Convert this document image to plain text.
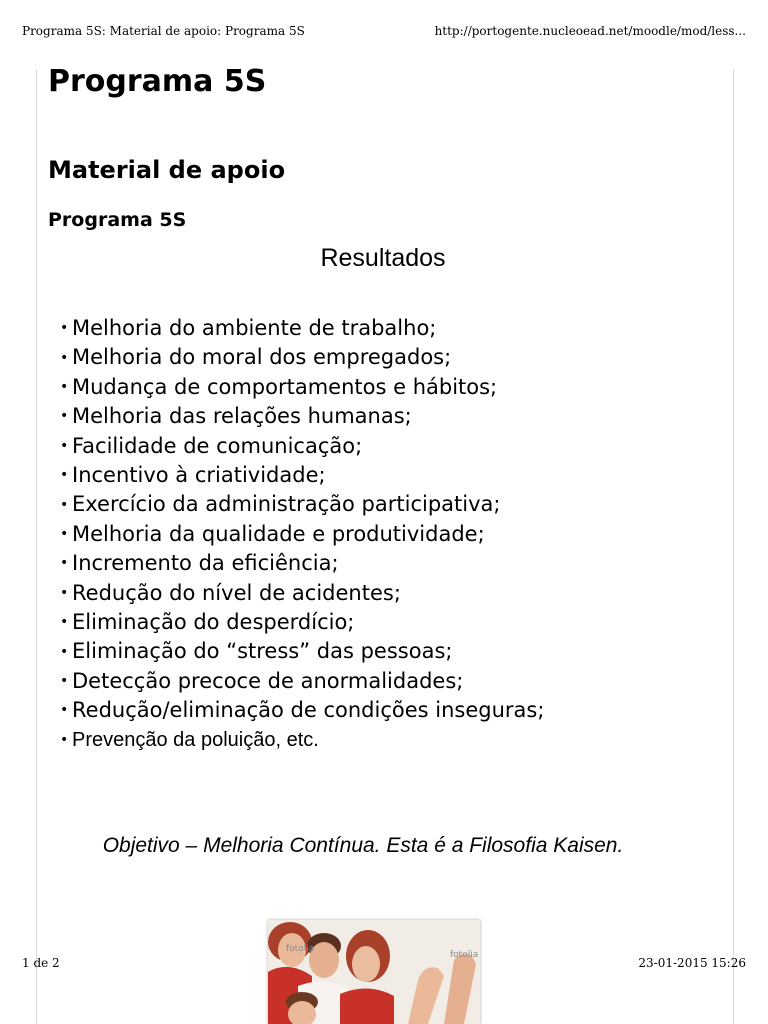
Programa 5S: Material de apoio: Programa 5S	http://portogente.nucleoead.net/moodle/mod/less...
Programa 5S
Material de apoio
Programa 5S
Resultados
• Melhoria do ambiente de trabalho;
• Melhoria do moral dos empregados;
• Mudança de comportamentos e hábitos;
• Melhoria das relações humanas;
• Facilidade de comunicação;
• Incentivo à criatividade;
• Exercício da administração participativa;
• Melhoria da qualidade e produtividade;
• Incremento da eficiência;
• Redução do nível de acidentes;
• Eliminação do desperdício;
• Eliminação do “stress” das pessoas;
• Detecção precoce de anormalidades;
• Redução/eliminação de condições inseguras;
• Prevenção da poluição, etc.
Objetivo – Melhoria Contínua. Esta é a Filosofia Kaisen.
fotolia
fotolia
1 de 2	23-01-2015 15:26
